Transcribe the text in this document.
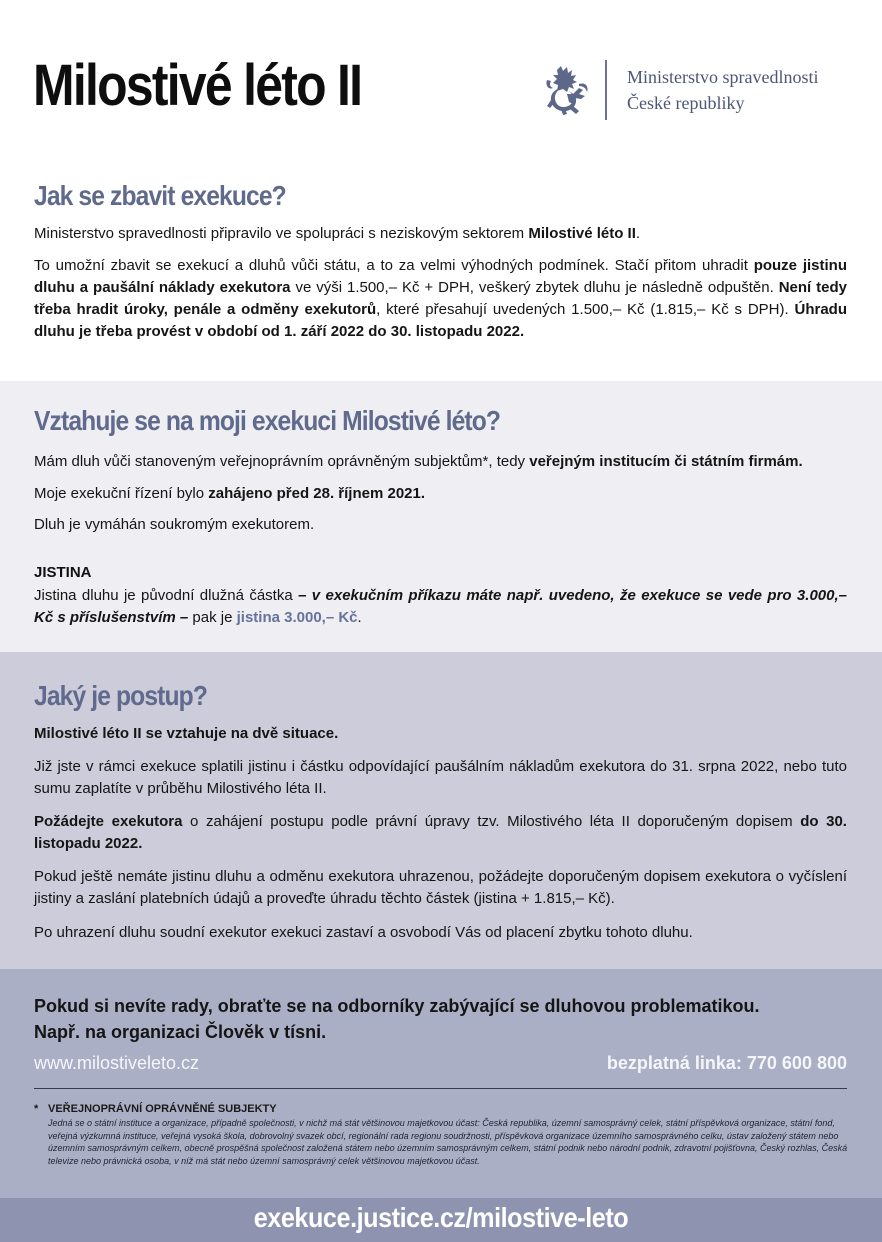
Milostivé léto II	Ministerstvo spravedlnosti
České republiky
Jak se zbavit exekuce?
Ministerstvo spravedlnosti připravilo ve spolupráci s neziskovým sektorem Milostivé léto II.
To umožní zbavit se exekucí a dluhů vůči státu, a to za velmi výhodných podmínek. Stačí přitom uhradit pouze jistinu dluhu a paušální náklady exekutora ve výši 1.500,– Kč + DPH, veškerý zbytek dluhu je následně odpuštěn. Není tedy třeba hradit úroky, penále a odměny exekutorů, které přesahují uvedených 1.500,– Kč (1.815,– Kč s DPH). Úhradu dluhu je třeba provést v období od 1. září 2022 do 30. listopadu 2022.
Vztahuje se na moji exekuci Milostivé léto?
Mám dluh vůči stanoveným veřejnoprávním oprávněným subjektům*, tedy veřejným institucím či státním firmám.
Moje exekuční řízení bylo zahájeno před 28. říjnem 2021.
Dluh je vymáhán soukromým exekutorem.
JISTINA
Jistina dluhu je původní dlužná částka – v exekučním příkazu máte např. uvedeno, že exekuce se vede pro 3.000,– Kč s příslušenstvím – pak je jistina 3.000,– Kč.
Jaký je postup?
Milostivé léto II se vztahuje na dvě situace.
Již jste v rámci exekuce splatili jistinu i částku odpovídající paušálním nákladům exekutora do 31. srpna 2022, nebo tuto sumu zaplatíte v průběhu Milostivého léta II.
Požádejte exekutora o zahájení postupu podle právní úpravy tzv. Milostivého léta II doporučeným dopisem do 30. listopadu 2022.
Pokud ještě nemáte jistinu dluhu a odměnu exekutora uhrazenou, požádejte doporučeným dopisem exekutora o vyčíslení jistiny a zaslání platebních údajů a proveďte úhradu těchto částek (jistina + 1.815,– Kč).
Po uhrazení dluhu soudní exekutor exekuci zastaví a osvobodí Vás od placení zbytku tohoto dluhu.
Pokud si nevíte rady, obraťte se na odborníky zabývající se dluhovou problematikou.
Např. na organizaci Člověk v tísni.
www.milostiveleto.cz	bezplatná linka: 770 600 800
* VEŘEJNOPRÁVNÍ OPRÁVNĚNÉ SUBJEKTY
Jedná se o státní instituce a organizace, případně společnosti, v nichž má stát většinovou majetkovou účast: Česká republika, územní samosprávný celek, státní příspěvková organizace, státní fond, veřejná výzkumná instituce, veřejná vysoká škola, dobrovolný svazek obcí, regionální rada regionu soudržnosti, příspěvková organizace územního samosprávného celku, ústav založený státem nebo územním samosprávným celkem, obecně prospěšná společnost založená státem nebo územním samosprávným celkem, státní podnik nebo národní podnik, zdravotní pojišťovna, Český rozhlas, Česká televize nebo právnická osoba, v níž má stát nebo územní samosprávný celek většinovou majetkovou účast.
exekuce.justice.cz/milostive-leto
